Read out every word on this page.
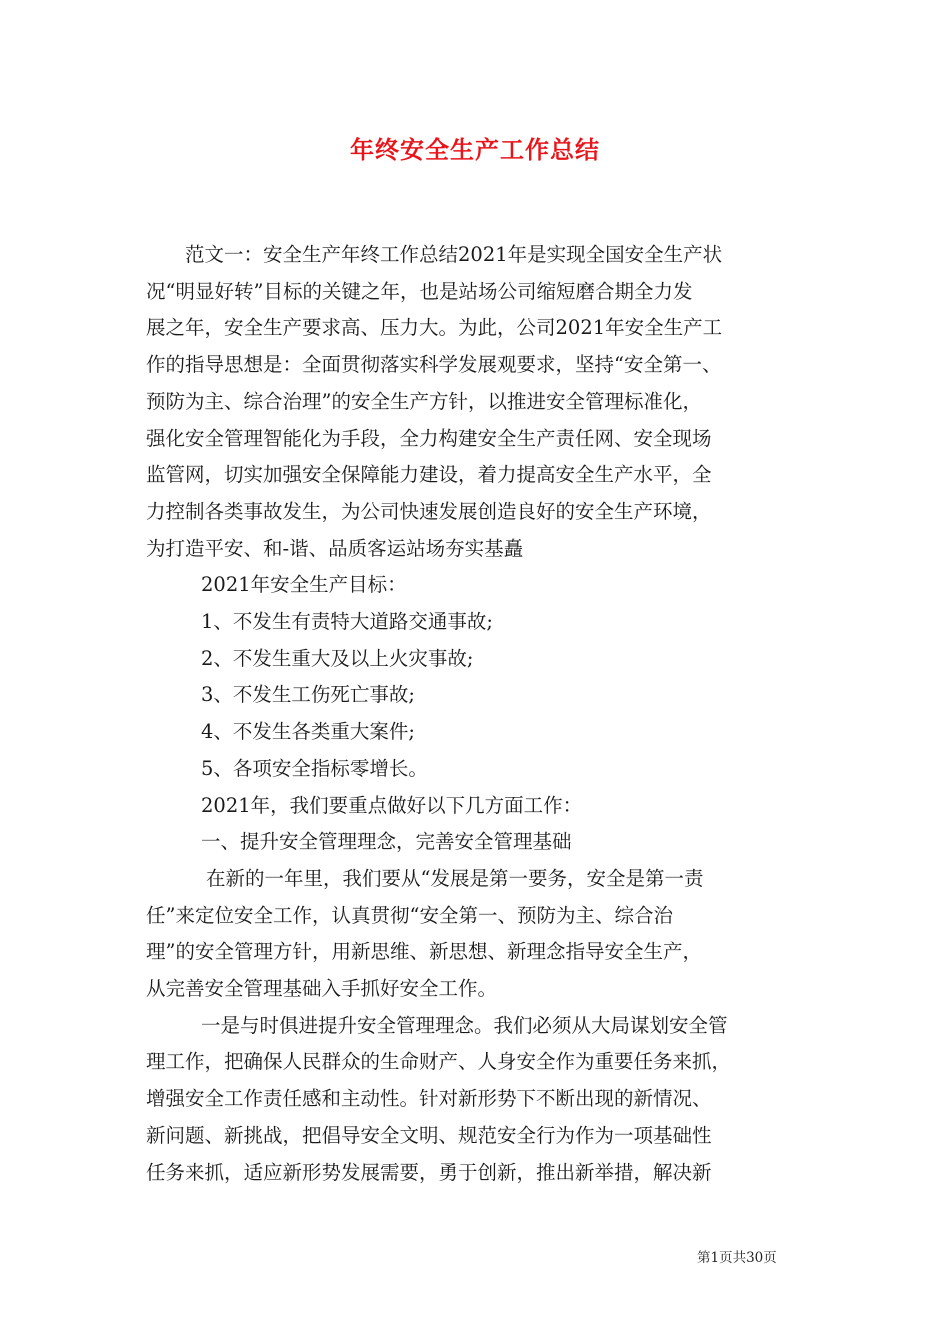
年终安全生产工作总结

范文一：安全生产年终工作总结2021年是实现全国安全生产状

况“明显好转”目标的关键之年，也是站场公司缩短磨合期全力发

展之年，安全生产要求高、压力大。为此，公司2021年安全生产工

作的指导思想是：全面贯彻落实科学发展观要求，坚持“安全第一、

预防为主、综合治理”的安全生产方针，以推进安全管理标准化，

强化安全管理智能化为手段，全力构建安全生产责任网、安全现场

监管网，切实加强安全保障能力建设，着力提高安全生产水平，全

力控制各类事故发生，为公司快速发展创造良好的安全生产环境，

为打造平安、和-谐、品质客运站场夯实基矗

2021年安全生产目标：

1、不发生有责特大道路交通事故;

2、不发生重大及以上火灾事故;

3、不发生工伤死亡事故;

4、不发生各类重大案件;

5、各项安全指标零增长。

2021年，我们要重点做好以下几方面工作：

一、提升安全管理理念，完善安全管理基础

在新的一年里，我们要从“发展是第一要务，安全是第一责

任”来定位安全工作，认真贯彻“安全第一、预防为主、综合治

理”的安全管理方针，用新思维、新思想、新理念指导安全生产，

从完善安全管理基础入手抓好安全工作。

一是与时俱进提升安全管理理念。我们必须从大局谋划安全管

理工作，把确保人民群众的生命财产、人身安全作为重要任务来抓，

增强安全工作责任感和主动性。针对新形势下不断出现的新情况、

新问题、新挑战，把倡导安全文明、规范安全行为作为一项基础性

任务来抓，适应新形势发展需要，勇于创新，推出新举措，解决新

第1页共30页
